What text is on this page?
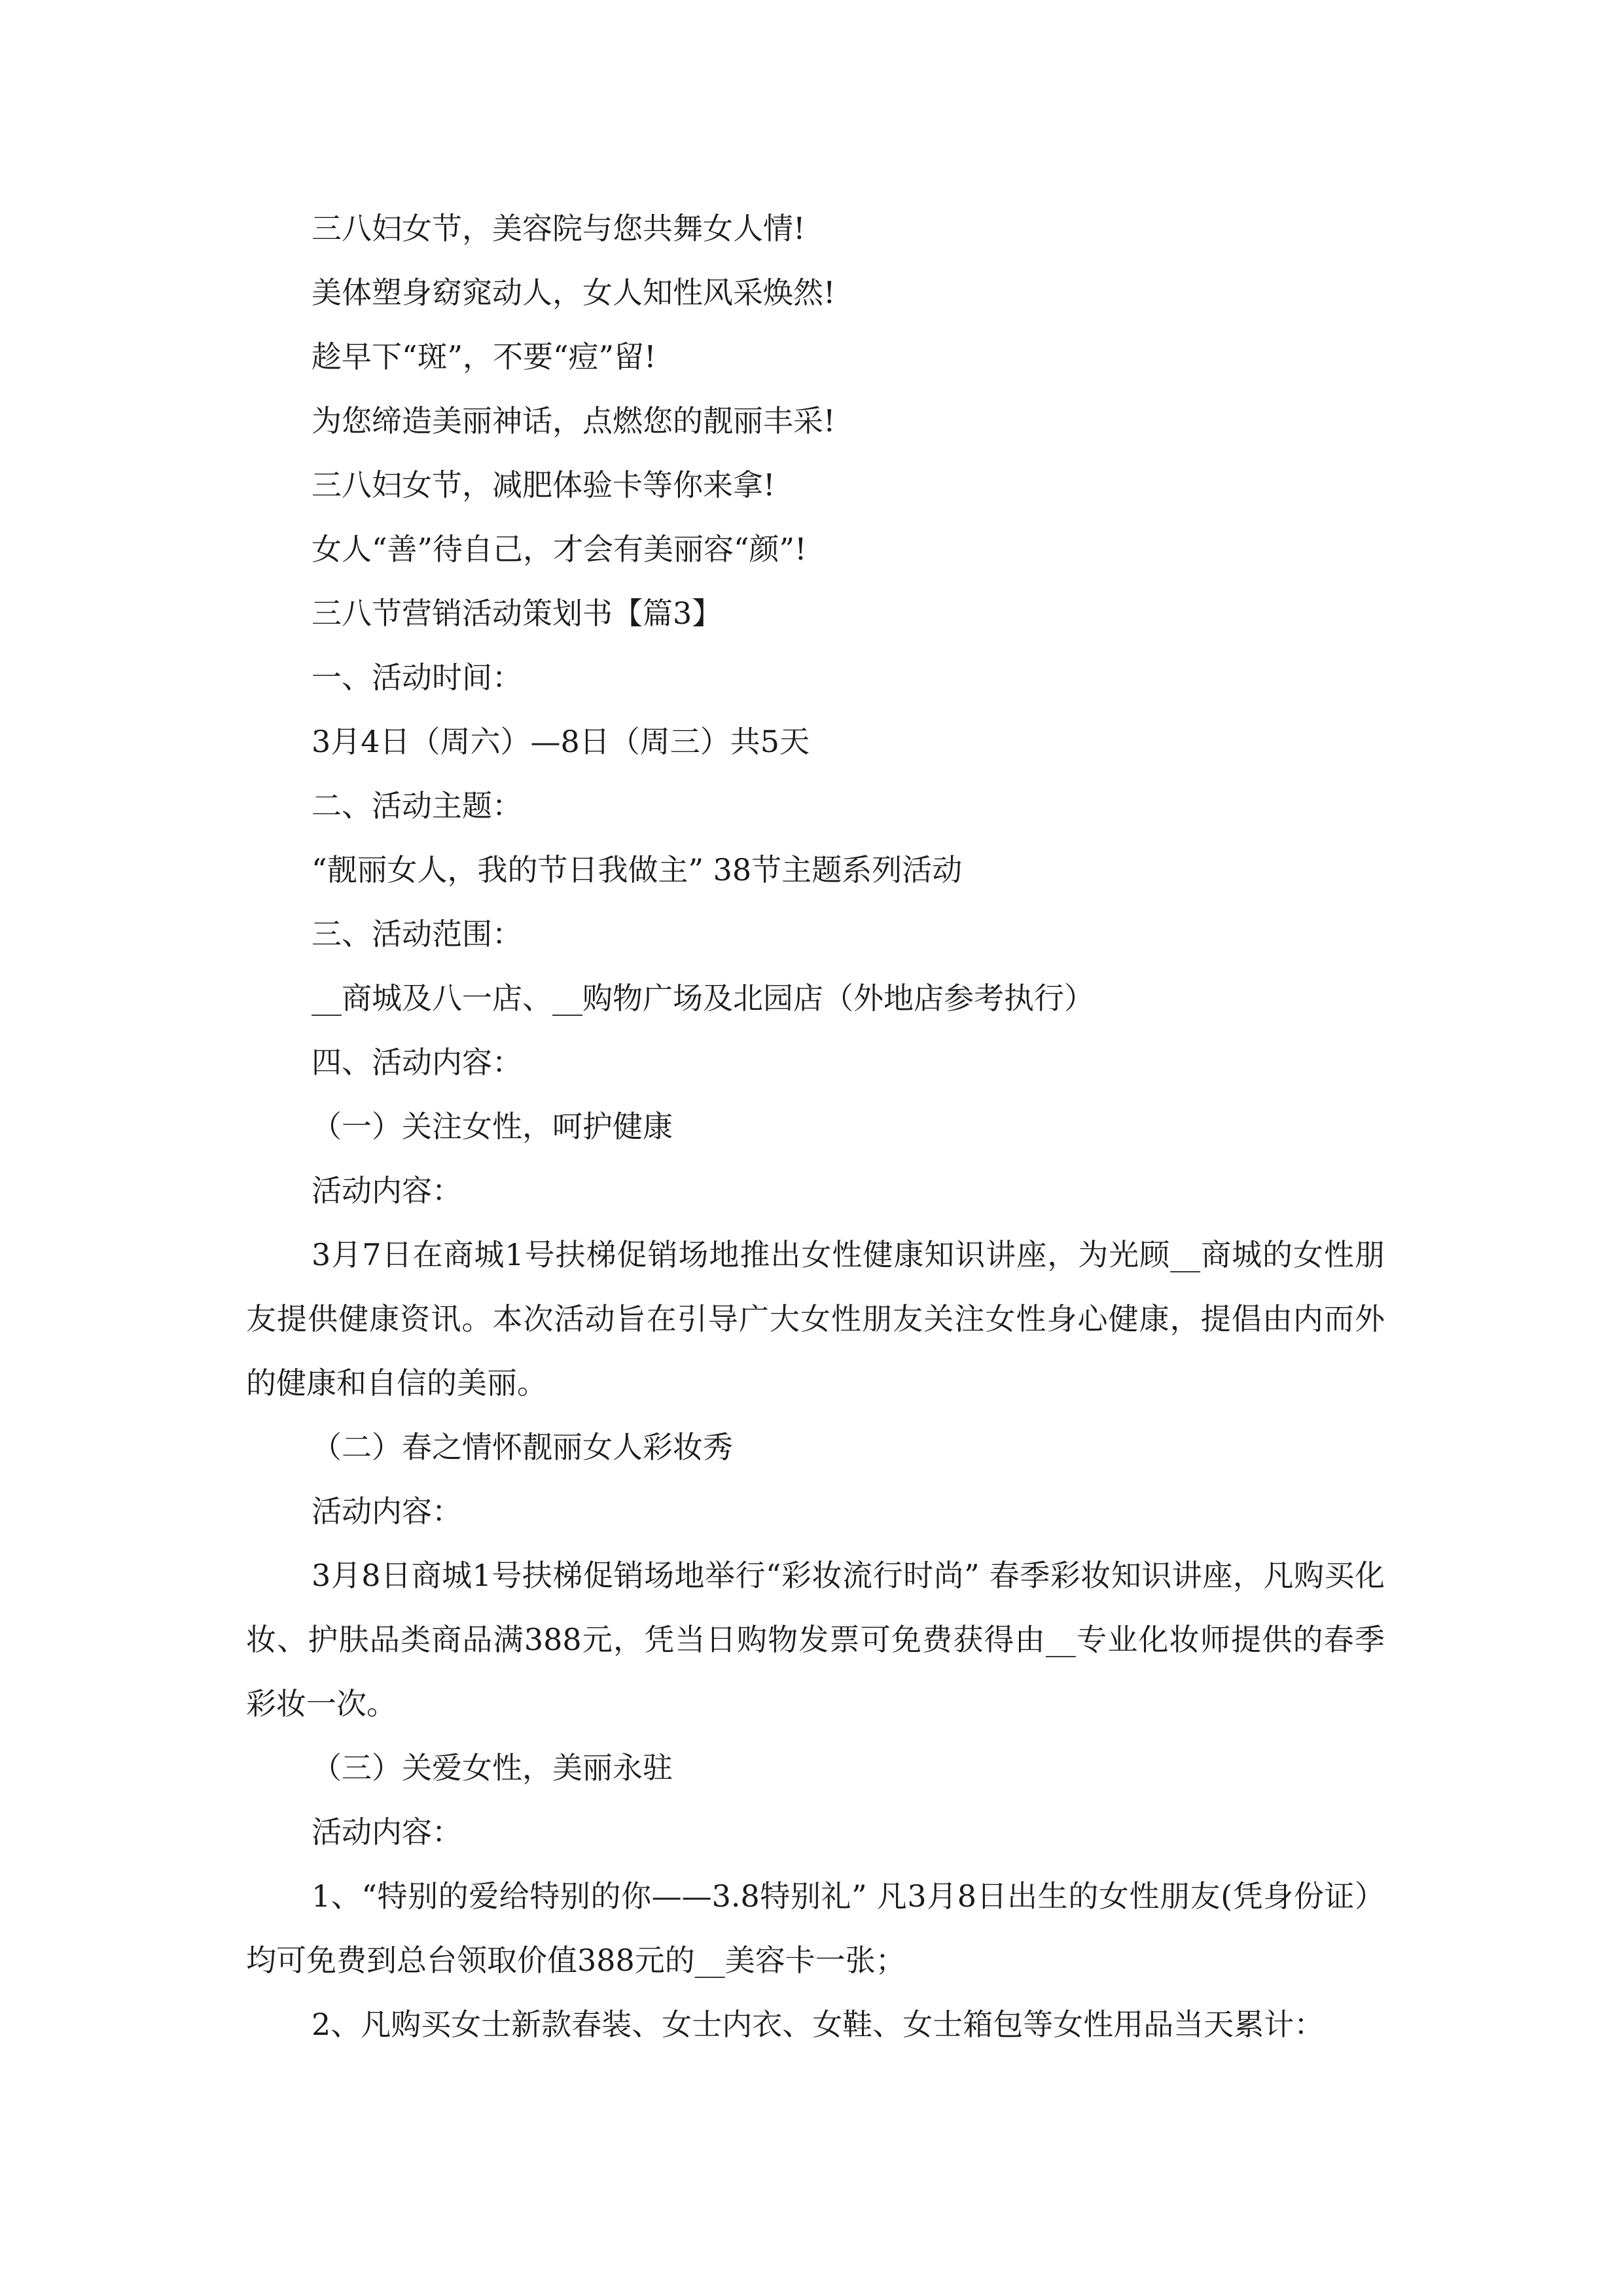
三八妇女节，美容院与您共舞女人情!
美体塑身窈窕动人，女人知性风采焕然!
趁早下“斑”，不要“痘”留!
为您缔造美丽神话，点燃您的靓丽丰采!
三八妇女节，减肥体验卡等你来拿!
女人“善”待自己，才会有美丽容“颜”!
三八节营销活动策划书【篇3】
一、活动时间：
3月4日（周六）—8日（周三）共5天
二、活动主题：
“靓丽女人，我的节日我做主” 38节主题系列活动
三、活动范围：
__商城及八一店、__购物广场及北园店（外地店参考执行）
四、活动内容：
（一）关注女性，呵护健康
活动内容：
3月7日在商城1号扶梯促销场地推出女性健康知识讲座，为光顾__商城的女性朋友提供健康资讯。本次活动旨在引导广大女性朋友关注女性身心健康，提倡由内而外的健康和自信的美丽。
（二）春之情怀靓丽女人彩妆秀
活动内容：
3月8日商城1号扶梯促销场地举行“彩妆流行时尚” 春季彩妆知识讲座，凡购买化妆、护肤品类商品满388元，凭当日购物发票可免费获得由__专业化妆师提供的春季彩妆一次。
（三）关爱女性，美丽永驻
活动内容：
1、“特别的爱给特别的你——3.8特别礼” 凡3月8日出生的女性朋友(凭身份证）均可免费到总台领取价值388元的__美容卡一张；
2、凡购买女士新款春装、女士内衣、女鞋、女士箱包等女性用品当天累计：
